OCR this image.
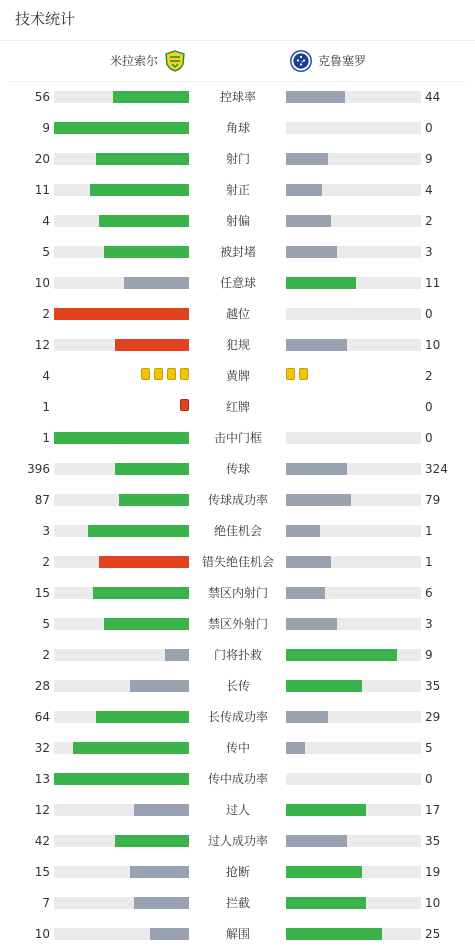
技术统计
米拉索尔	克鲁塞罗
56	控球率	44
9	角球	0
20	射门	9
11	射正	4
4	射偏	2
5	被封堵	3
10	任意球	11
2	越位	0
12	犯规	10
4	黄牌	2
1	红牌	0
1	击中门框	0
396	传球	324
87	传球成功率	79
3	绝佳机会	1
2	错失绝佳机会	1
15	禁区内射门	6
5	禁区外射门	3
2	门将扑救	9
28	长传	35
64	长传成功率	29
32	传中	5
13	传中成功率	0
12	过人	17
42	过人成功率	35
15	抢断	19
7	拦截	10
10	解围	25
